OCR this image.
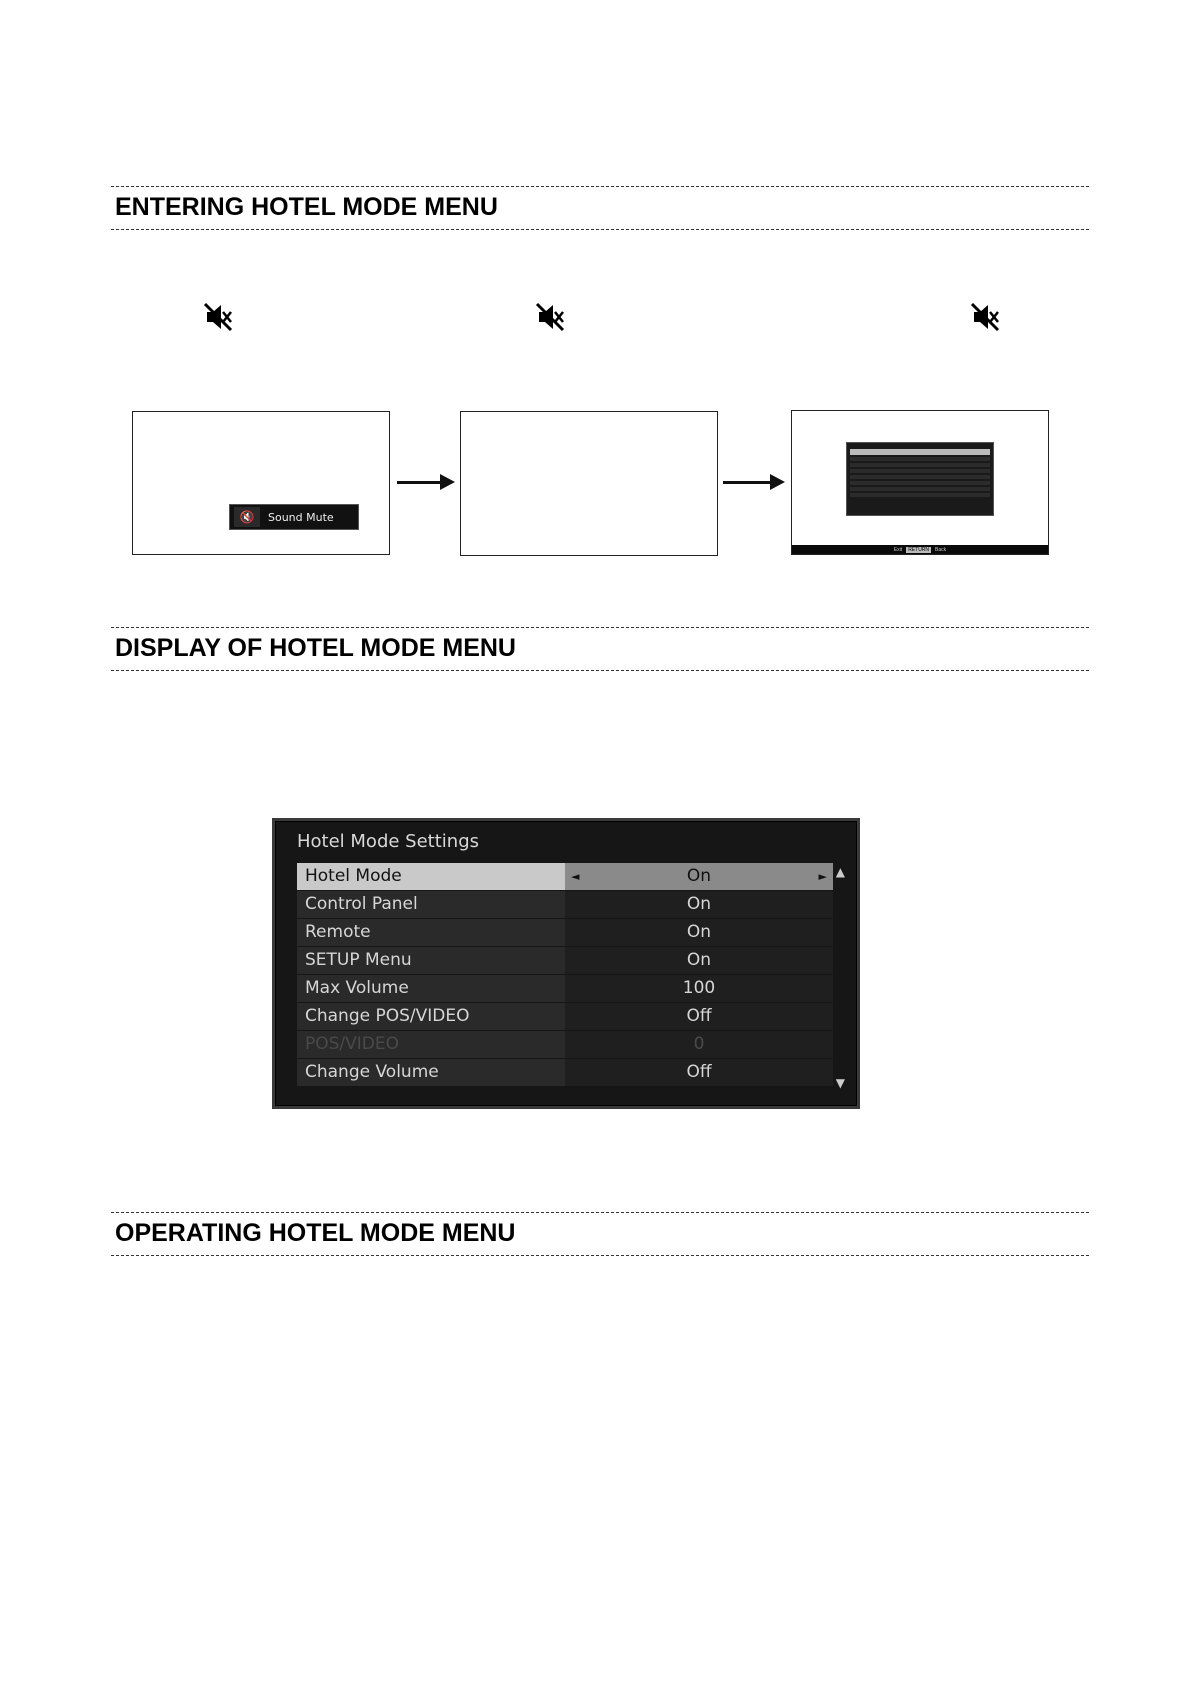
ENTERING HOTEL MODE MENU
🔇	Sound Mute
Exit	RETURN	Back
DISPLAY OF HOTEL MODE MENU
Hotel Mode Settings
Hotel Mode	◄	On	►
Control Panel	On
Remote	On
SETUP Menu	On
Max Volume	100
Change POS/VIDEO	Off
POS/VIDEO	0
Change Volume	Off
▲
▼
OPERATING HOTEL MODE MENU
